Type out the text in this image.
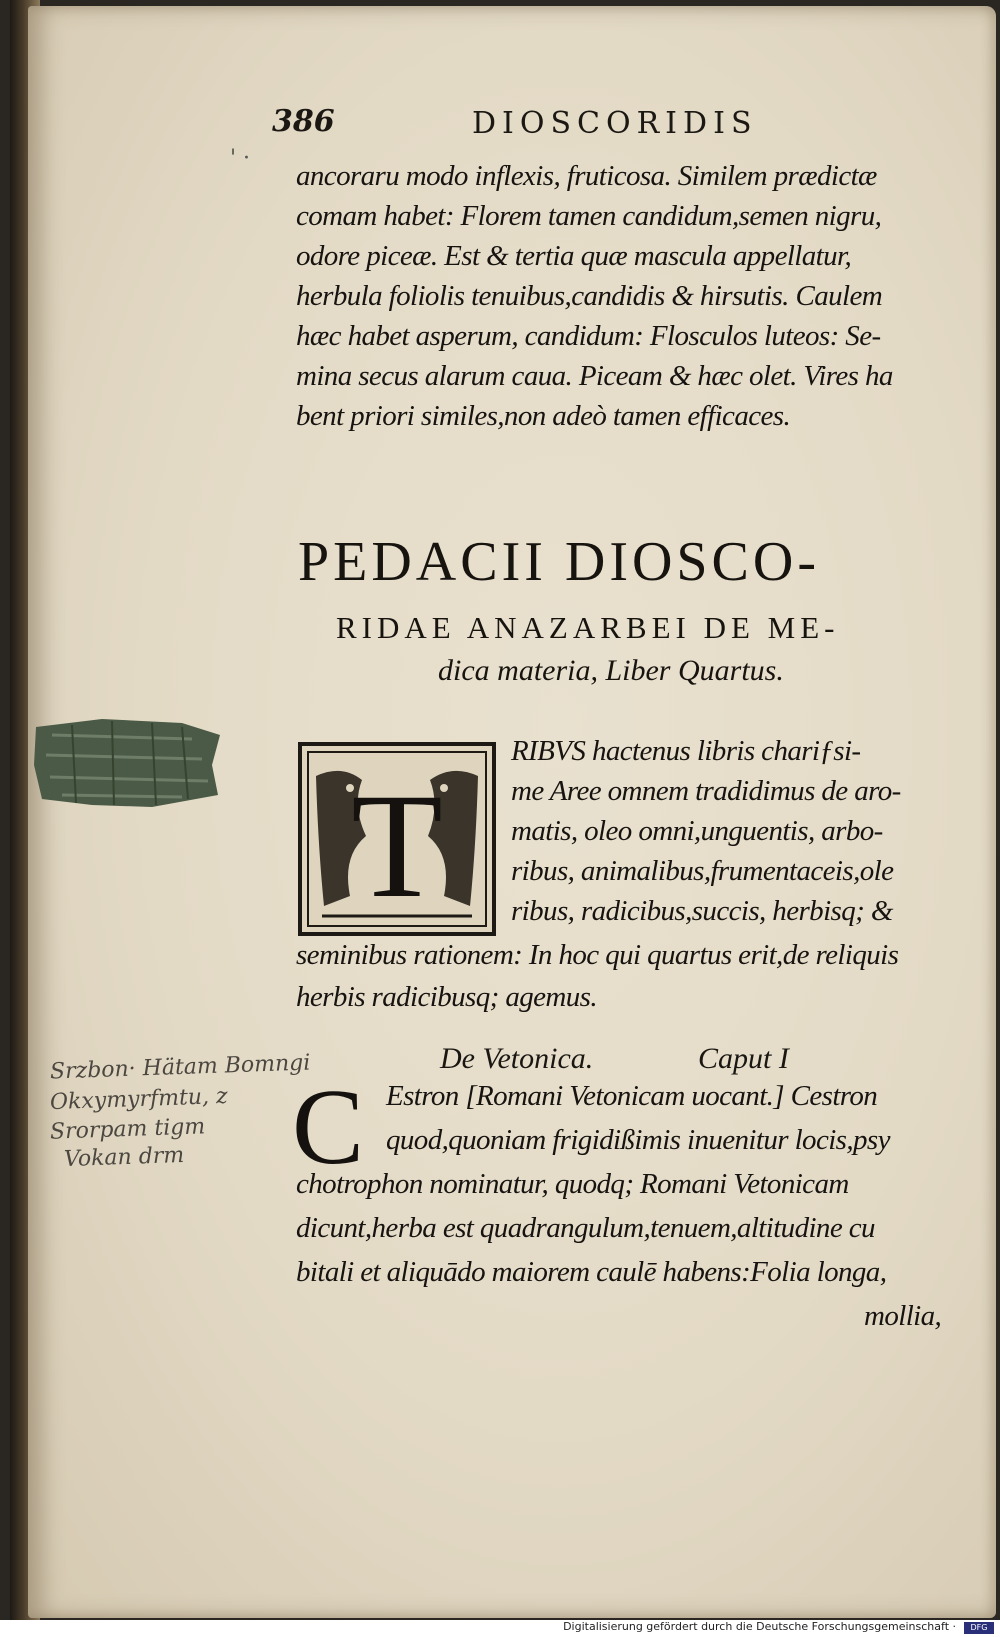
386	DIOSCORIDIS
' ·
ancoraru modo inflexis, fruticosa. Similem prædictæ
comam habet: Florem tamen candidum,semen nigru,
odore piceæ. Est & tertia quæ mascula appellatur,
herbula foliolis tenuibus,candidis & hirsutis. Caulem
hæc habet asperum, candidum: Flosculos luteos: Se-
mina secus alarum caua. Piceam & hæc olet. Vires ha
bent priori similes,non adeò tamen efficaces.
PEDACII DIOSCO-
RIDAE ANAZARBEI DE ME-
dica materia, Liber Quartus.
T
RIBVS hactenus libris chariƒsi-
me Aree omnem tradidimus de aro-
matis, oleo omni,unguentis, arbo-
ribus, animalibus,frumentaceis,ole
ribus, radicibus,succis, herbisq; &
seminibus rationem: In hoc qui quartus erit,de reliquis
herbis radicibusq; agemus.
De Vetonica.	Caput I
Srzbon· Hätam Bomngi
Okxymyrfmtu, z
Srorpam tigm
Vokan drm C Estron [Romani Vetonicam uocant.] Cestron
quod,quoniam frigidißimis inuenitur locis,psy
chotrophon nominatur, quodq; Romani Vetonicam
dicunt,herba est quadrangulum,tenuem,altitudine cu
bitali et aliquādo maiorem caulē habens:Folia longa,
mollia,
Digitalisierung gefördert durch die Deutsche Forschungsgemeinschaft ·	DFG
